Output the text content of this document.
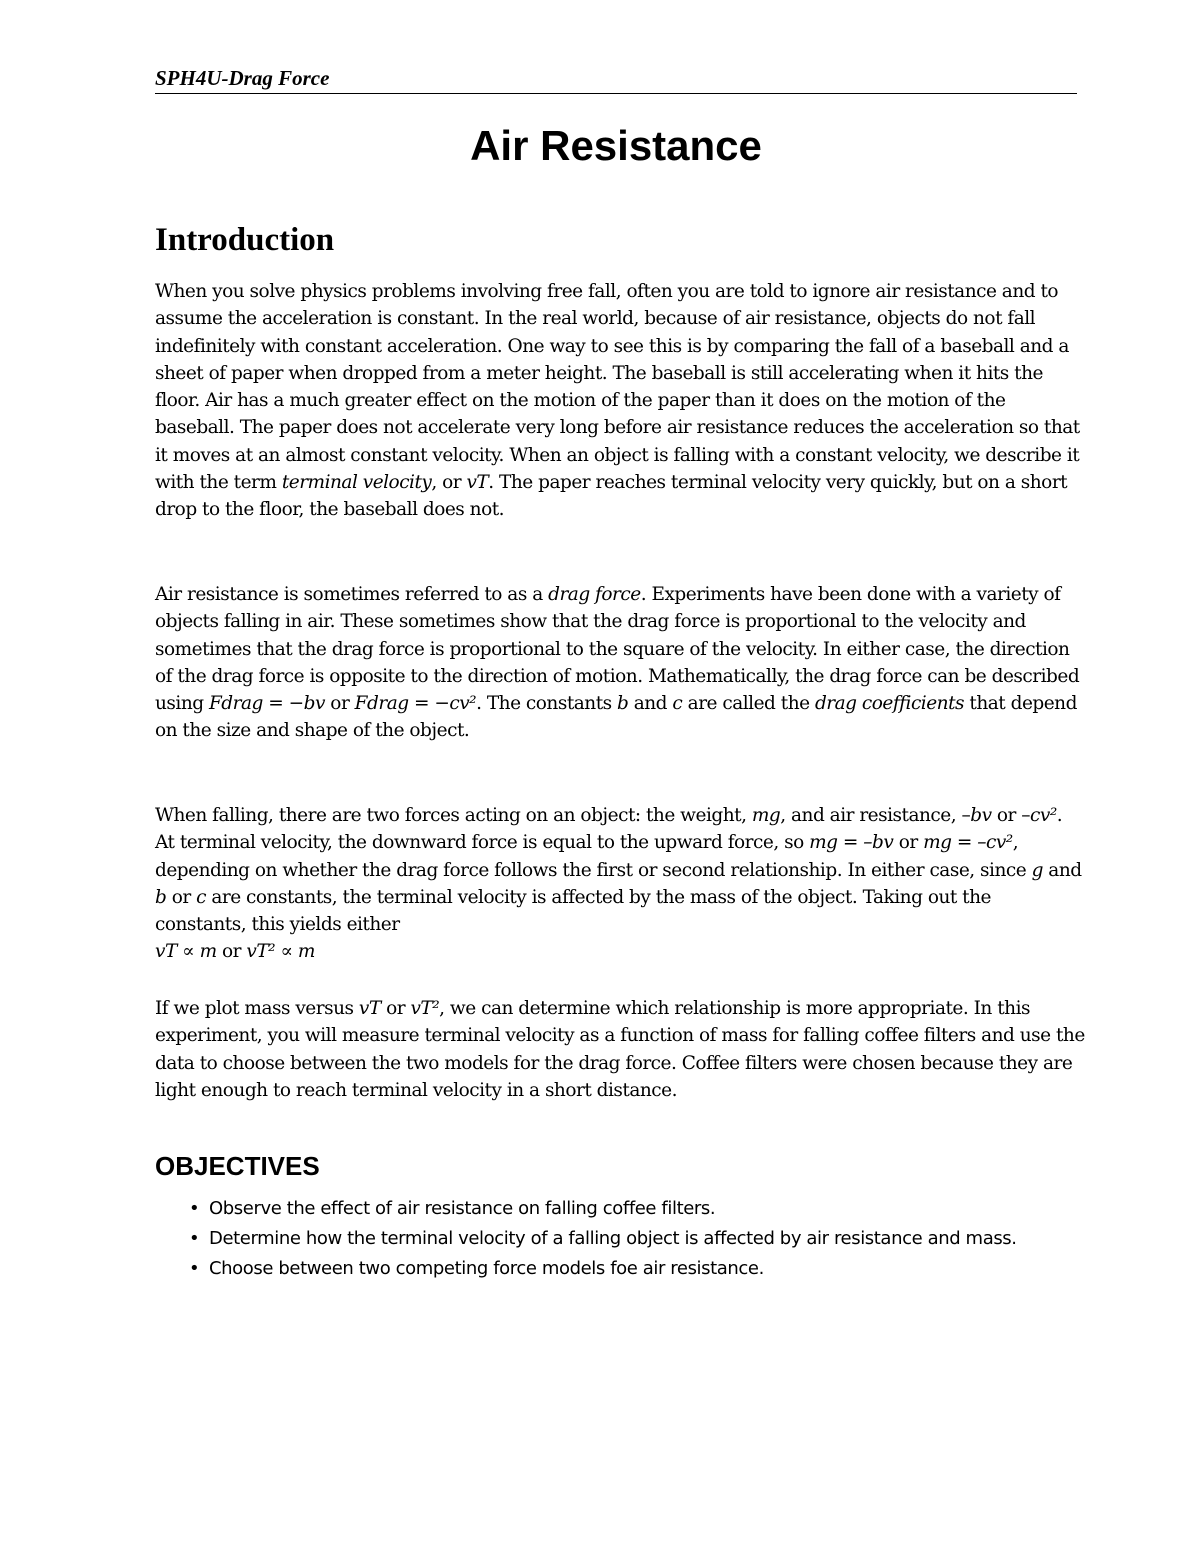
SPH4U-Drag Force
Air Resistance
Introduction

When you solve physics problems involving free fall, often you are told to ignore air resistance and to assume the acceleration is constant. In the real world, because of air resistance, objects do not fall indefinitely with constant acceleration. One way to see this is by comparing the fall of a baseball and a sheet of paper when dropped from a meter height. The baseball is still accelerating when it hits the floor. Air has a much greater effect on the motion of the paper than it does on the motion of the baseball. The paper does not accelerate very long before air resistance reduces the acceleration so that it moves at an almost constant velocity. When an object is falling with a constant velocity, we describe it with the term terminal velocity, or vT. The paper reaches terminal velocity very quickly, but on a short drop to the floor, the baseball does not.

Air resistance is sometimes referred to as a drag force. Experiments have been done with a variety of objects falling in air. These sometimes show that the drag force is proportional to the velocity and sometimes that the drag force is proportional to the square of the velocity. In either case, the direction of the drag force is opposite to the direction of motion. Mathematically, the drag force can be described using Fdrag = −bv or Fdrag = −cv². The constants b and c are called the drag coefficients that depend on the size and shape of the object.

When falling, there are two forces acting on an object: the weight, mg, and air resistance, –bv or –cv². At terminal velocity, the downward force is equal to the upward force, so mg = –bv or mg = –cv², depending on whether the drag force follows the first or second relationship. In either case, since g and b or c are constants, the terminal velocity is affected by the mass of the object. Taking out the constants, this yields either
vT ∝ m or vT² ∝ m

If we plot mass versus vT or vT², we can determine which relationship is more appropriate. In this experiment, you will measure terminal velocity as a function of mass for falling coffee filters and use the data to choose between the two models for the drag force. Coffee filters were chosen because they are light enough to reach terminal velocity in a short distance.

OBJECTIVES
• Observe the effect of air resistance on falling coffee filters.
• Determine how the terminal velocity of a falling object is affected by air resistance and mass.
• Choose between two competing force models foe air resistance.
